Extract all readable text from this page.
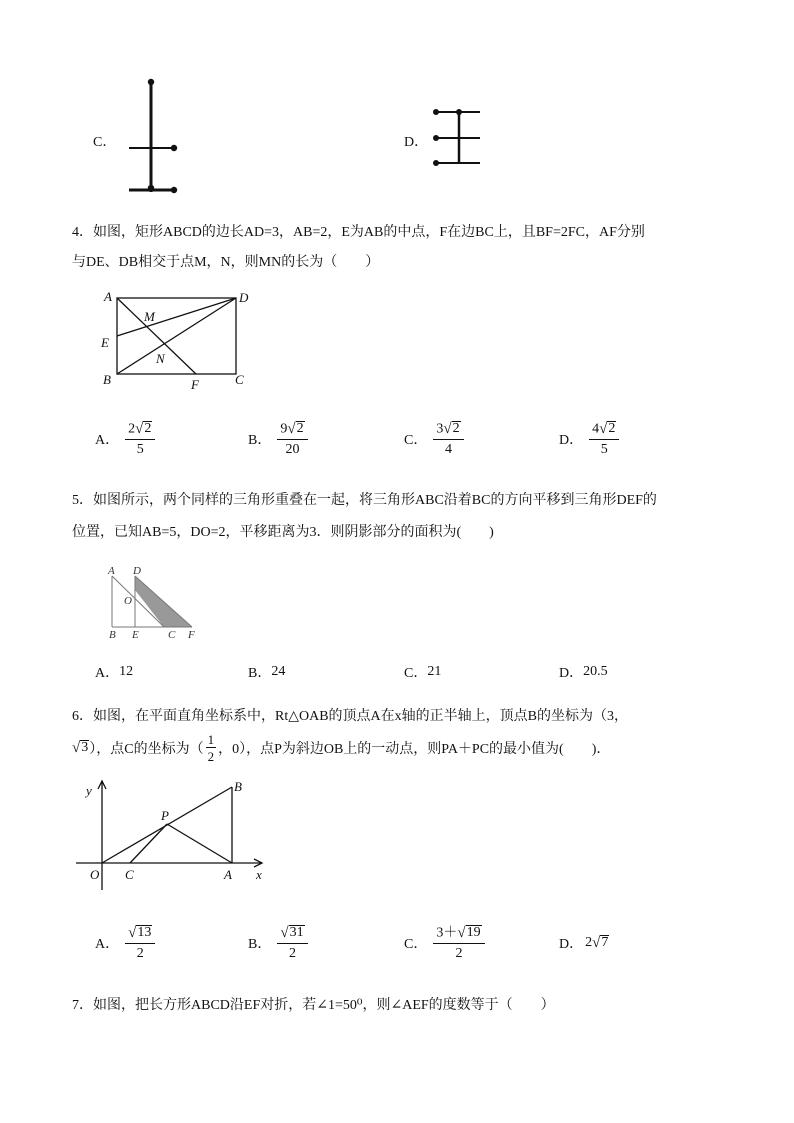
C．	D．
4．如图，矩形ABCD的边长AD=3，AB=2，E为AB的中点，F在边BC上，且BF=2FC，AF分别
与DE、DB相交于点M，N，则MN的长为（　　）
A	D
E
M
N
B	F	C
A． $\frac{2 √ 2}{5}$	B． $\frac{9 √ 2}{20}$	C． $\frac{3 √ 2}{4}$	D． $\frac{4 √ 2}{5}$
5．如图所示，两个同样的三角形重叠在一起，将三角形ABC沿着BC的方向平移到三角形DEF的
位置，已知AB=5，DO=2，平移距离为3．则阴影部分的面积为(　　)
A D
O
B E	C F
A． 12	B． 24	C． 21	D． 20.5
6．如图，在平面直角坐标系中，Rt△OAB的顶点A在x轴的正半轴上，顶点B的坐标为（3，
√ 3 ），点C的坐标为（ $\frac{1}{2}$ ，0），点P为斜边OB上的一动点，则PA＋PC的最小值为(　　)．
y
x
O C	A
P
B
A． $\frac{√ 13}{2}$	B． $\frac{√ 31}{2}$	C． $\frac{3+ √ 19}{2}$	D． 2 √ 7
7．如图，把长方形ABCD沿EF对折，若∠1=50⁰，则∠AEF的度数等于（　　）
